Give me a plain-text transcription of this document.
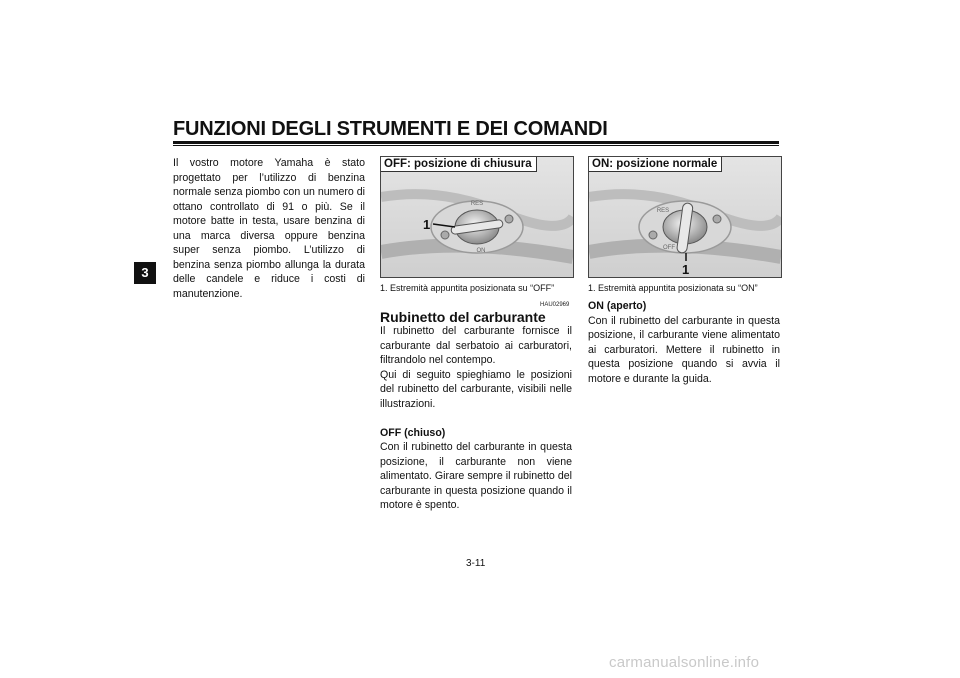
FUNZIONI DEGLI STRUMENTI E DEI COMANDI
3
Il vostro motore Yamaha è stato progettato per l’utilizzo di benzina normale senza piombo con un numero di ottano controllato di 91 o più. Se il motore batte in testa, usare benzina di una marca diversa oppure benzina super senza piombo. L’utilizzo di benzina senza piombo allunga la durata delle candele e riduce i costi di manutenzione.
OFF: posizione di chiusura
RES
ON
1
1. Estremità appuntita posizionata su “OFF”
ON: posizione normale
RES
OFF
1
1. Estremità appuntita posizionata su “ON”
HAU02969
Rubinetto del carburante
Il rubinetto del carburante fornisce il carburante dal serbatoio ai carburatori, filtrandolo nel contempo.
Qui di seguito spieghiamo le posizioni del rubinetto del carburante, visibili nelle illustrazioni.
OFF (chiuso)
Con il rubinetto del carburante in questa posizione, il carburante non viene alimentato. Girare sempre il rubinetto del carburante in questa posizione quando il motore è spento.
ON (aperto)
Con il rubinetto del carburante in questa posizione, il carburante viene alimentato ai carburatori. Mettere il rubinetto in questa posizione quando si avvia il motore e durante la guida.
3-11
carmanualsonline.info
